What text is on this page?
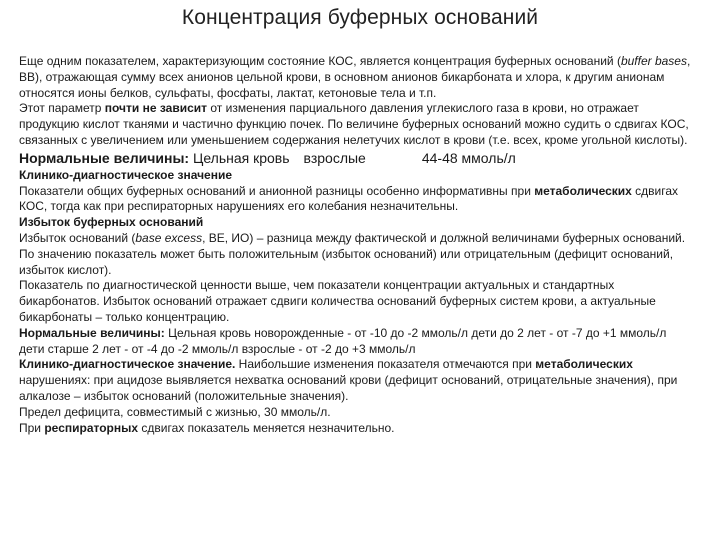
Концентрация буферных оснований

Еще одним показателем, характеризующим состояние КОС, является концентрация буферных оснований (buffer bases, BB), отражающая сумму всех анионов цельной крови, в основном анионов бикарбоната и хлора, к другим анионам относятся ионы белков, сульфаты, фосфаты, лактат, кетоновые тела и т.п.

Этот параметр почти не зависит от изменения парциального давления углекислого газа в крови, но отражает продукцию кислот тканями и частично функцию почек. По величине буферных оснований можно судить о сдвигах КОС, связанных с увеличением или уменьшением содержания нелетучих кислот в крови (т.е. всех, кроме угольной кислоты).

Нормальные величины: Цельная кровь взрослые	44-48 ммоль/л

Клинико-диагностическое значение

Показатели общих буферных оснований и анионной разницы особенно информативны при метаболических сдвигах КОС, тогда как при респираторных нарушениях его колебания незначительны.

Избыток буферных оснований

Избыток оснований (base excess, BE, ИО) – разница между фактической и должной величинами буферных оснований. По значению показатель может быть положительным (избыток оснований) или отрицательным (дефицит оснований, избыток кислот).

Показатель по диагностической ценности выше, чем показатели концентрации актуальных и стандартных бикарбонатов. Избыток оснований отражает сдвиги количества оснований буферных систем крови, а актуальные бикарбонаты – только концентрацию.

Нормальные величины: Цельная кровь новорожденные - от -10 до -2 ммоль/л дети до 2 лет - от -7 до +1 ммоль/л дети старше 2 лет - от -4 до -2 ммоль/л взрослые - от -2 до +3 ммоль/л

Клинико-диагностическое значение. Наибольшие изменения показателя отмечаются при метаболических нарушениях: при ацидозе выявляется нехватка оснований крови (дефицит оснований, отрицательные значения), при алкалозе – избыток оснований (положительные значения).

Предел дефицита, совместимый с жизнью, 30 ммоль/л.

При респираторных сдвигах показатель меняется незначительно.
